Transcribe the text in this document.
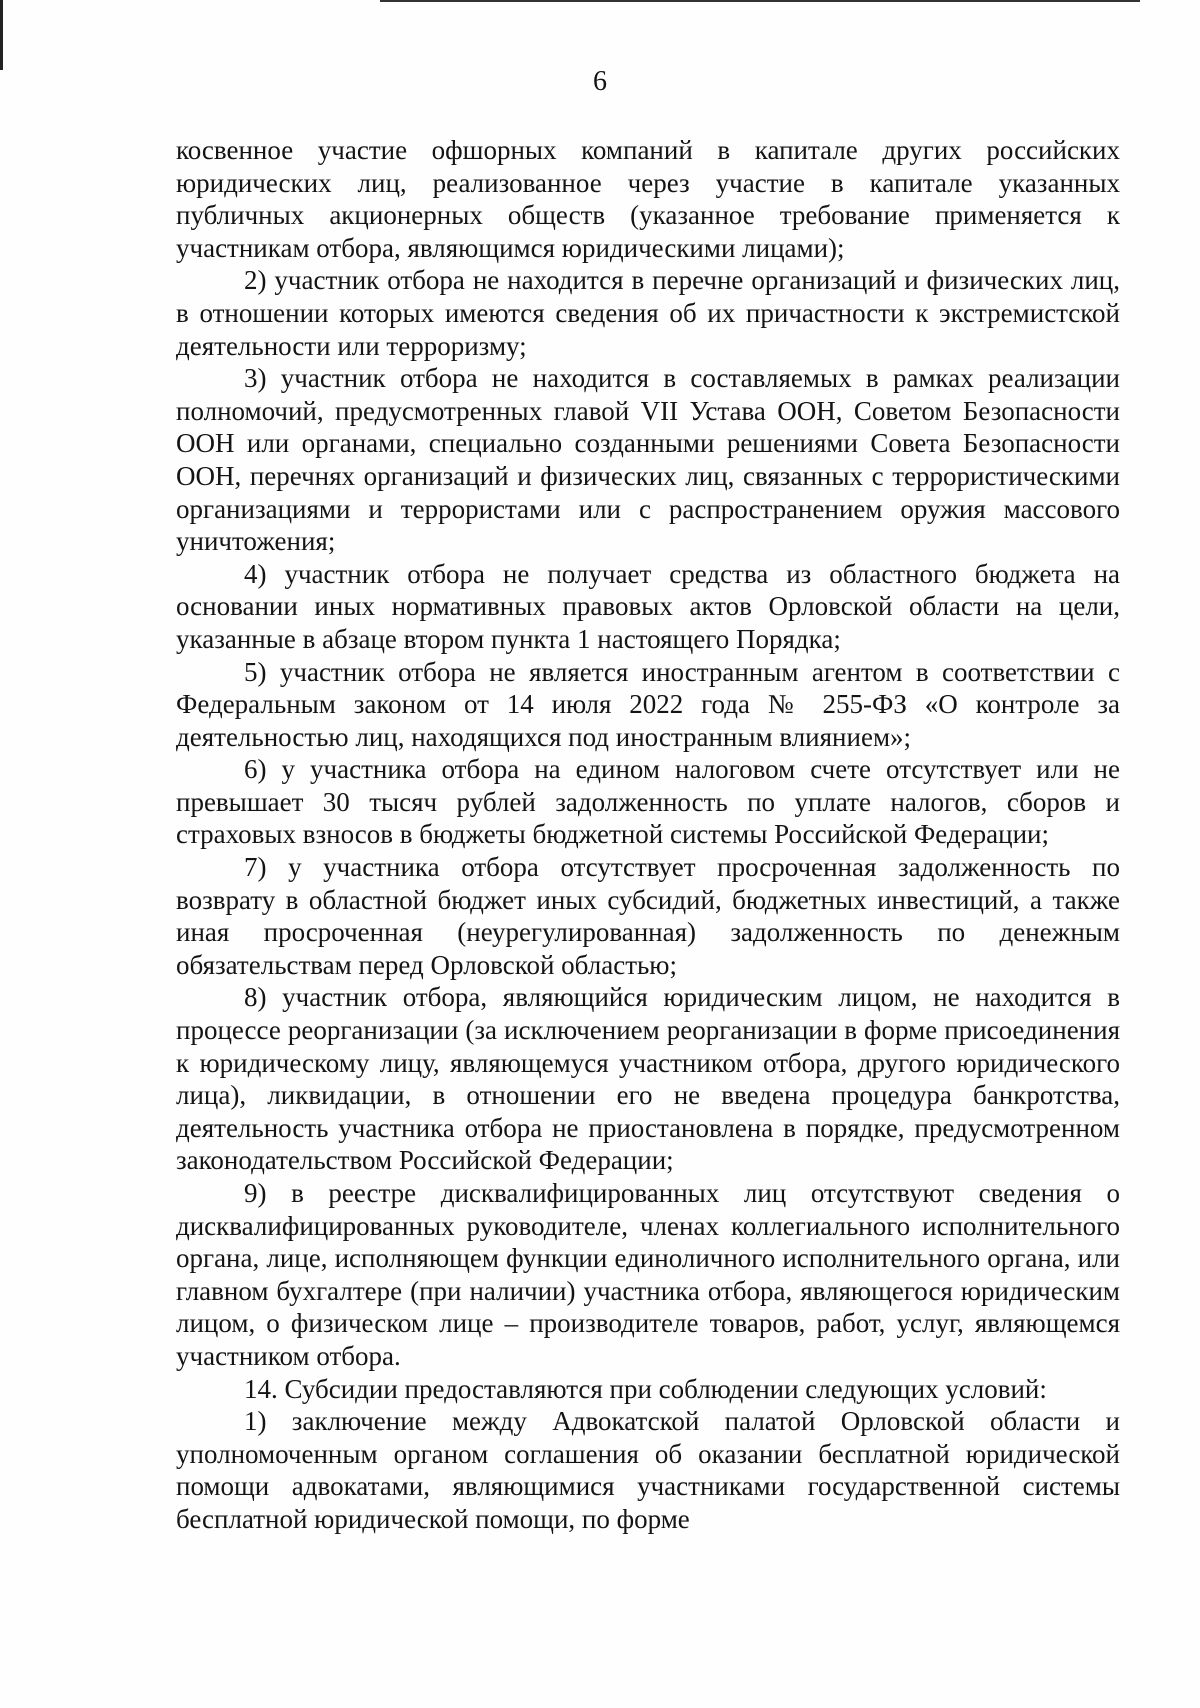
6

косвенное участие офшорных компаний в капитале других российских юридических лиц, реализованное через участие в капитале указанных публичных акционерных обществ (указанное требование применяется к участникам отбора, являющимся юридическими лицами);

2) участник отбора не находится в перечне организаций и физических лиц, в отношении которых имеются сведения об их причастности к экстремистской деятельности или терроризму;

3) участник отбора не находится в составляемых в рамках реализации полномочий, предусмотренных главой VII Устава ООН, Советом Безопасности ООН или органами, специально созданными решениями Совета Безопасности ООН, перечнях организаций и физических лиц, связанных с террористическими организациями и террористами или с распространением оружия массового уничтожения;

4) участник отбора не получает средства из областного бюджета на основании иных нормативных правовых актов Орловской области на цели, указанные в абзаце втором пункта 1 настоящего Порядка;

5) участник отбора не является иностранным агентом в соответствии с Федеральным законом от 14 июля 2022 года № 255-ФЗ «О контроле за деятельностью лиц, находящихся под иностранным влиянием»;

6) у участника отбора на едином налоговом счете отсутствует или не превышает 30 тысяч рублей задолженность по уплате налогов, сборов и страховых взносов в бюджеты бюджетной системы Российской Федерации;

7) у участника отбора отсутствует просроченная задолженность по возврату в областной бюджет иных субсидий, бюджетных инвестиций, а также иная просроченная (неурегулированная) задолженность по денежным обязательствам перед Орловской областью;

8) участник отбора, являющийся юридическим лицом, не находится в процессе реорганизации (за исключением реорганизации в форме присоединения к юридическому лицу, являющемуся участником отбора, другого юридического лица), ликвидации, в отношении его не введена процедура банкротства, деятельность участника отбора не приостановлена в порядке, предусмотренном законодательством Российской Федерации;

9) в реестре дисквалифицированных лиц отсутствуют сведения о дисквалифицированных руководителе, членах коллегиального исполнительного органа, лице, исполняющем функции единоличного исполнительного органа, или главном бухгалтере (при наличии) участника отбора, являющегося юридическим лицом, о физическом лице – производителе товаров, работ, услуг, являющемся участником отбора.

14. Субсидии предоставляются при соблюдении следующих условий:

1) заключение между Адвокатской палатой Орловской области и уполномоченным органом соглашения об оказании бесплатной юридической помощи адвокатами, являющимися участниками государственной системы бесплатной юридической помощи, по форме
